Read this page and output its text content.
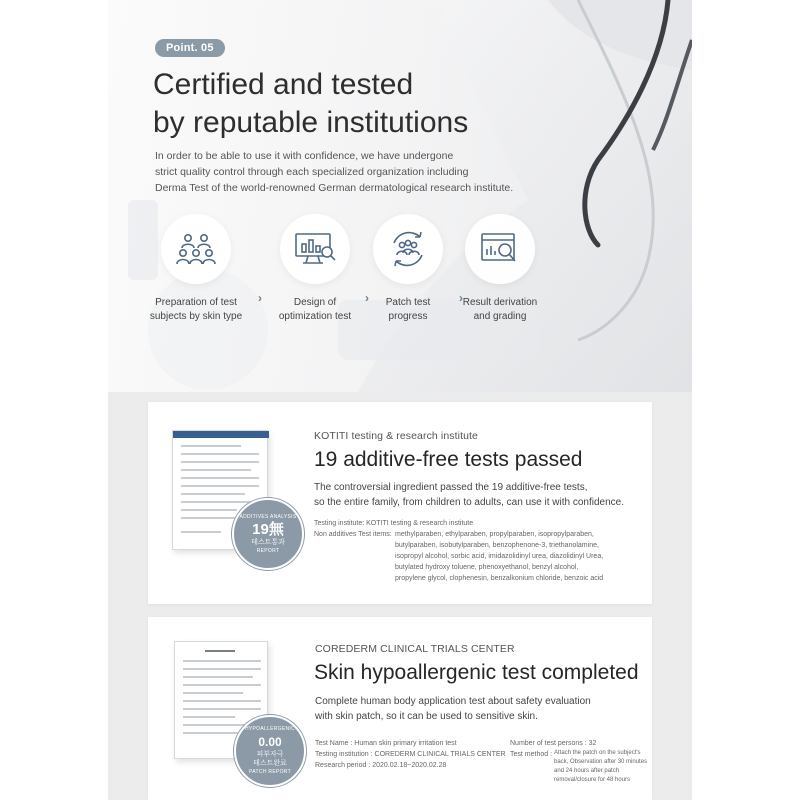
Point. 05
Certified and tested
by reputable institutions
In order to be able to use it with confidence, we have undergone
strict quality control through each specialized organization including
Derma Test of the world-renowned German dermatological research institute.
Preparation of test
subjects by skin type
›	Design of
optimization test
›	Patch test
progress
› Result derivation
and grading
ADDITIVES ANALYSIS
19無
테스트통과
REPORT
KOTITI testing & research institute
19 additive-free tests passed
The controversial ingredient passed the 19 additive-free tests,
so the entire family, from children to adults, can use it with confidence.
Testing institute: KOTITI testing & research institute
Non additives Test items: methylparaben, ethylparaben, propylparaben, isopropylparaben,
butylparaben, isobutylparaben, benzophenone-3, triethanolamine,
isopropyl alcohol, sorbic acid, imidazolidinyl urea, diazolidinyl Urea,
butylated hydroxy toluene, phenoxyethanol, benzyl alcohol,
propylene glycol, clophenesin, benzalkonium chloride, benzoic acid
HYPOALLERGENIC
0.00
피부자극
테스트완료
PATCH REPORT
COREDERM CLINICAL TRIALS CENTER
Skin hypoallergenic test completed
Complete human body application test about safety evaluation
with skin patch, so it can be used to sensitive skin.
Test Name : Human skin primary irritation test
Testing institution : COREDERM CLINICAL TRIALS CENTER
Research period : 2020.02.18~2020.02.28
Number of test persons : 32
Test method : Attach the patch on the subject's
back, Observation after 30 minutes
and 24 hours after patch
removal/closure for 48 hours
